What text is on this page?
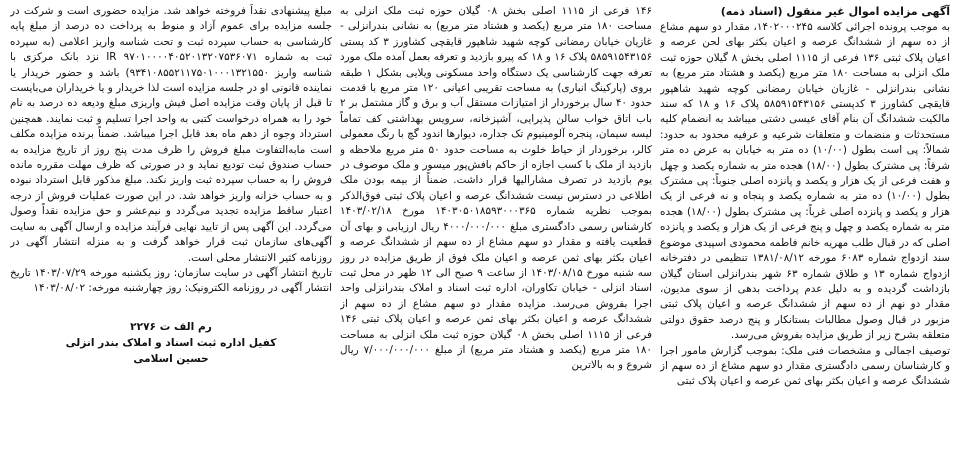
آگهی مزایده اموال غیر منقول (اسناد ذمه)

به موجب پرونده اجرائی کلاسه ۱۴۰۲۰۰۰۲۴۵، مقدار دو سهم مشاع از ده سهم از ششدانگ عرصه و اعیان بکثر بهای لحن عرصه و اعیان پلاک ثبتی ۱۳۶ فرعی از ۱۱۱۵ اصلی بخش ۸ گیلان حوزه ثبت ملک انزلی به مساحت ۱۸۰ متر مربع (یکصد و هشتاد متر مربع) به نشانی بندرانزلی - غازیان خیابان رمضانی کوچه شهید شاهپور قایقچی کشاورز ۳ کدپستی ۵۸۵۹۱۵۴۳۱۵۶ پلاک ۱۶ و ۱۸ که سند مالکیت ششدانگ آن بنام آقای عیسی دشتی میباشد به انضمام کلیه مستحدثات و منضمات و متعلقات شرعیه و عرفیه محدود به حدود: شمالاً: پی است بطول (۱۰/۰۰) ده متر به خیابان به عرض ده متر شرقاً: پی مشترک بطول (۱۸/۰۰) هجده متر به شماره یکصد و چهل و هفت فرعی از یک هزار و یکصد و پانزده اصلی جنوباً: پی مشترک بطول (۱۰/۰۰) ده متر به شماره یکصد و پنجاه و نه فرعی از یک هزار و یکصد و پانزده اصلی غرباً: پی مشترک بطول (۱۸/۰۰) هجده متر به شماره یکصد و چهل و پنج فرعی از یک هزار و یکصد و پانزده اصلی که در قبال طلب مهریه خانم فاطمه محمودی اسپیدی موضوع سند ازدواج شماره ۶۰۸۳ مورخه ۱۳۸۱/۰۸/۱۲ تنظیمی در دفترخانه ازدواج شماره ۱۳ و طلاق شماره ۶۳ شهر بندرانزلی استان گیلان بازداشت گردیده و به دلیل عدم پرداخت بدهی از سوی مدیون، مقدار دو نهم از ده سهم از ششدانگ عرصه و اعیان پلاک ثبتی مزبور در قبال وصول مطالبات بستانکار و پنج درصد حقوق دولتی متعلقه بشرح زیر از طریق مزایده بفروش می‌رسد.

توصیف اجمالی و مشخصات فنی ملک: بموجب گزارش مامور اجرا و کارشناسان رسمی دادگستری مقدار دو سهم مشاع از ده سهم از ششدانگ عرصه و اعیان بکثر بهای ثمن عرصه و اعیان پلاک ثبتی

۱۴۶ فرعی از ۱۱۱۵ اصلی بخش ۰۸ گیلان حوزه ثبت ملک انزلی به مساحت ۱۸۰ متر مربع (یکصد و هشتاد متر مربع) به نشانی بندرانزلی - غازیان خیابان رمضانی کوچه شهید شاهپور قایقچی کشاورز ۳ کد پستی ۵۸۵۹۱۵۴۳۱۵۶ پلاک ۱۶ و ۱۸ که پیرو بازدید و تعرفه بعمل آمده ملک مورد تعرفه جهت کارشناسی یک دستگاه واحد مسکونی ویلایی بشکل ۱ طبقه بروی (پارکینگ انباری) به مساحت تقریبی اعیانی ۱۲۰ متر مربع با قدمت حدود ۴۰ سال برخوردار از امتیازات مستقل آب و برق و گاز مشتمل بر ۲ باب اتاق خواب سالن پذیرایی، آشپزخانه، سرویس بهداشتی کف تماماً لیسه سیمان، پنجره آلومینیوم تک جداره، دیوارها اندود گچ با رنگ معمولی کالر، برخوردار از حیاط خلوت به مساحت حدود ۵۰ متر مربع ملاحظه و بازدید از ملک با کسب اجازه از حاکم بافش‌پور میسور و ملک موصوف در یوم بازدید در تصرف مشارالیها قرار داشت. ضمناً از بیمه بودن ملک اطلاعی در دسترس نیست ششدانگ عرصه و اعیان پلاک ثبتی فوق‌الذکر بموجب نظریه شماره ۱۴۰۳۰۵۰۱۸۵۹۳۰۰۰۳۶۵ مورخ ۱۴۰۳/۰۲/۱۸ کارشناس رسمی دادگستری مبلغ ۴۰۰۰/۰۰۰/۰۰۰ ریال ارزیابی و بهای آن قطعیت یافته و مقدار دو سهم مشاع از ده سهم از ششدانگ عرصه و اعیان بکثر بهای ثمن عرصه و اعیان ملک فوق از طریق مزایده در روز سه شنبه مورخ ۱۴۰۳/۰۸/۱۵ از ساعت ۹ صبح الی ۱۲ ظهر در محل ثبت اسناد انزلی - خیابان تکاوران، اداره ثبت اسناد و املاک بندرانزلی واحد اجرا بفروش می‌رسد. مزایده مقدار دو سهم مشاع از ده سهم از ششدانگ عرصه و اعیان بکثر بهای ثمن عرصه و اعیان پلاک ثبتی ۱۴۶ فرعی از ۱۱۱۵ اصلی بخش ۰۸ گیلان حوزه ثبت ملک انزلی به مساحت ۱۸۰ متر مربع (یکصد و هشتاد متر مربع) از مبلغ ۷/۰۰۰/۰۰۰/۰۰۰ ریال شروع و به بالاترین

مبلغ پیشنهادی نقداً فروخته خواهد شد. مزایده حضوری است و شرکت در جلسه مزایده برای عموم آزاد و منوط به پرداخت ده درصد از مبلغ پایه کارشناسی به حساب سپرده ثبت و تحت شناسه واریز اعلامی (به سپرده ثبت به شماره IR ۹۷۰۱۰۰۰۰۴۰۵۲۰۱۳۲۰۷۵۳۶۰۷۱ نزد بانک مرکزی با شناسه واریز ۹۳۴۱۰۸۵۵۲۱۱۷۵۰۱۰۰۰۱۳۲۱۵۵۰) باشد و حضور خریدار یا نماینده قانونی او در جلسه مزایده است لذا خریدار و یا خریداران می‌بایست تا قبل از پایان وقت مزایده اصل فیش واریزی مبلغ ودیعه ده درصد به نام خود را به همراه درخواست کتبی به واحد اجرا تسلیم و ثبت نمایند. همچنین استرداد وجوه از دهم ماه بعد قابل اجرا میباشد. ضمناً برنده مزایده مکلف است مابه‌التفاوت مبلغ فروش را ظرف مدت پنج روز از تاریخ مزایده به حساب صندوق ثبت تودیع نماید و در صورتی که ظرف مهلت مقرره مانده فروش را به حساب سپرده ثبت واریز نکند. مبلغ مذکور قابل استرداد نبوده و به حساب خزانه واریز خواهد شد. در این صورت عملیات فروش از درجه اعتبار ساقط مزایده تجدید می‌گردد و نیم‌عشر و حق مزایده نقداً وصول می‌گردد. این آگهی پس از تایید نهایی فرآیند مزایده و ارسال آگهی به سایت آگهی‌های سازمان ثبت قرار خواهد گرفت و به منزله انتشار آگهی در روزنامه کثیر الانتشار محلی است.

تاریخ انتشار آگهی در سایت سازمان: روز یکشنبه مورخه ۱۴۰۳/۰۷/۲۹ تاریخ انتشار آگهی در روزنامه الکترونیک: روز چهارشنبه مورخه: ۱۴۰۳/۰۸/۰۲

رم الف ت ۲۲۷۶
کفیل اداره ثبت اسناد و املاک بندر انزلی
حسین اسلامی
